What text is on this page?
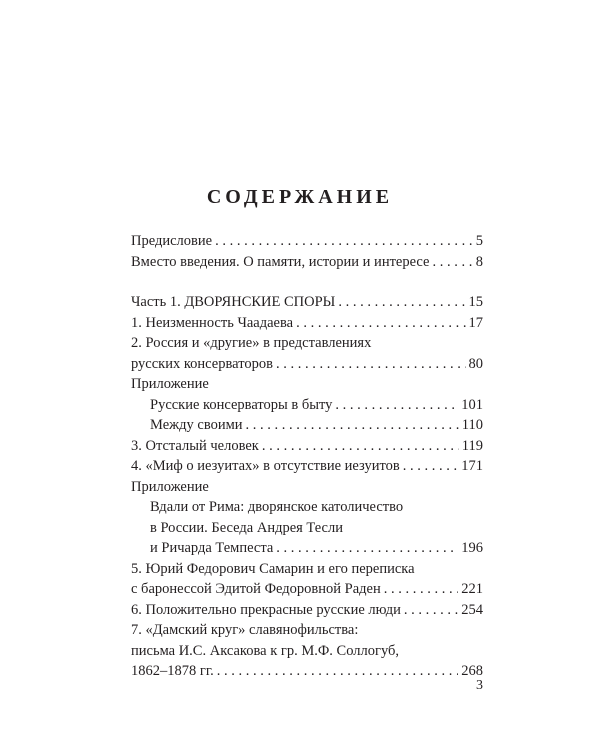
СОДЕРЖАНИЕ
Предисловие . . .	5
Вместо введения. О памяти, истории и интересе . . .	8
Часть 1. ДВОРЯНСКИЕ СПОРЫ . . .	15
1. Неизменность Чаадаева . . .	17
2. Россия и «другие» в представлениях
русских консерваторов . . .	80
Приложение
Русские консерваторы в быту . . .	101
Между своими . . .	110
3. Отсталый человек . . .	119
4. «Миф о иезуитах» в отсутствие иезуитов . . .	171
Приложение
Вдали от Рима: дворянское католичество
в России. Беседа Андрея Тесли
и Ричарда Темпеста . . .	196
5. Юрий Федорович Самарин и его переписка
с баронессой Эдитой Федоровной Раден . . .	221
6. Положительно прекрасные русские люди . . .	254
7. «Дамский круг» славянофильства:
письма И.С. Аксакова к гр. М.Ф. Соллогуб,
1862–1878 гг. . . .	268
3
